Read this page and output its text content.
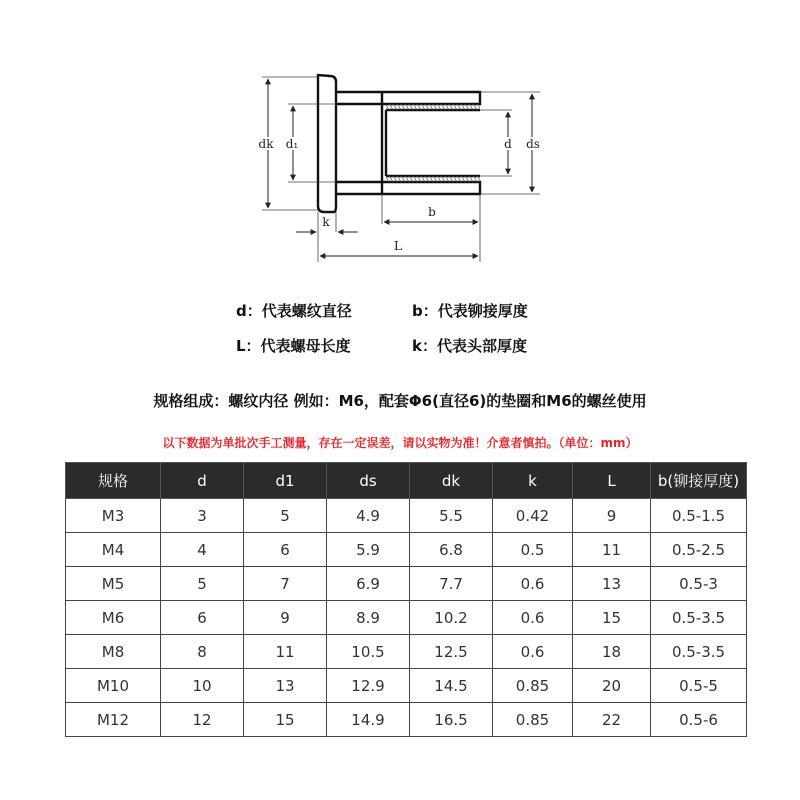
dk d₁	d ds
k
b
L
d：代表螺纹直径	b：代表铆接厚度
L：代表螺母长度	k：代表头部厚度
规格组成：螺纹内径 例如：M6，配套Φ6(直径6)的垫圈和M6的螺丝使用
以下数据为单批次手工测量，存在一定误差，请以实物为准！介意者慎拍。（单位：mm）
规格	d	d1	ds	dk	k	L	b(铆接厚度)
M3	3	5	4.9	5.5	0.42	9	0.5-1.5
M4	4	6	5.9	6.8	0.5	11	0.5-2.5
M5	5	7	6.9	7.7	0.6	13	0.5-3
M6	6	9	8.9	10.2	0.6	15	0.5-3.5
M8	8	11	10.5	12.5	0.6	18	0.5-3.5
M10	10	13	12.9	14.5	0.85	20	0.5-5
M12	12	15	14.9	16.5	0.85	22	0.5-6
